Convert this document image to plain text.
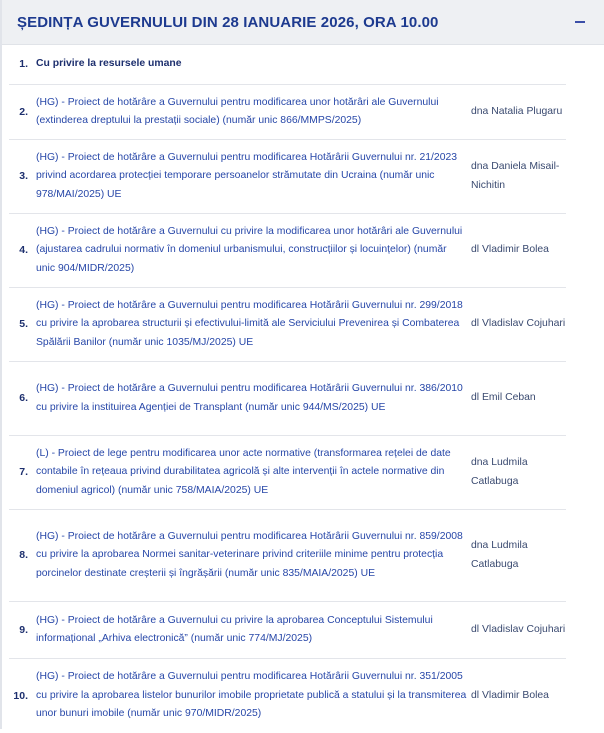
ȘEDINȚA GUVERNULUI DIN 28 IANUARIE 2026, ORA 10.00
1. Cu privire la resursele umane
2.
(HG) - Proiect de hotărâre a Guvernului pentru modificarea unor hotărâri ale Guvernului (extinderea dreptului la prestații sociale) (număr unic 866/MMPS/2025)
dna Natalia Plugaru
3.
(HG) - Proiect de hotărâre a Guvernului pentru modificarea Hotărârii Guvernului nr. 21/2023 privind acordarea protecției temporare persoanelor strămutate din Ucraina (număr unic 978/MAI/2025) UE
dna Daniela Misail-Nichitin
4.
(HG) - Proiect de hotărâre a Guvernului cu privire la modificarea unor hotărâri ale Guvernului (ajustarea cadrului normativ în domeniul urbanismului, construcțiilor și locuințelor) (număr unic 904/MIDR/2025)
dl Vladimir Bolea
5.
(HG) - Proiect de hotărâre a Guvernului pentru modificarea Hotărârii Guvernului nr. 299/2018 cu privire la aprobarea structurii și efectivului-limită ale Serviciului Prevenirea și Combaterea Spălării Banilor (număr unic 1035/MJ/2025) UE
dl Vladislav Cojuhari
6.
(HG) - Proiect de hotărâre a Guvernului pentru modificarea Hotărârii Guvernului nr. 386/2010 cu privire la instituirea Agenției de Transplant (număr unic 944/MS/2025) UE
dl Emil Ceban
7.
(L) - Proiect de lege pentru modificarea unor acte normative (transformarea rețelei de date contabile în rețeaua privind durabilitatea agricolă și alte intervenții în actele normative din domeniul agricol) (număr unic 758/MAIA/2025) UE
dna Ludmila Catlabuga
8.
(HG) - Proiect de hotărâre a Guvernului pentru modificarea Hotărârii Guvernului nr. 859/2008 cu privire la aprobarea Normei sanitar-veterinare privind criteriile minime pentru protecția porcinelor destinate creșterii și îngrășării (număr unic 835/MAIA/2025) UE
dna Ludmila Catlabuga
9.
(HG) - Proiect de hotărâre a Guvernului cu privire la aprobarea Conceptului Sistemului informațional „Arhiva electronică” (număr unic 774/MJ/2025)
dl Vladislav Cojuhari
10.
(HG) - Proiect de hotărâre a Guvernului pentru modificarea Hotărârii Guvernului nr. 351/2005 cu privire la aprobarea listelor bunurilor imobile proprietate publică a statului și la transmiterea unor bunuri imobile (număr unic 970/MIDR/2025)
dl Vladimir Bolea
